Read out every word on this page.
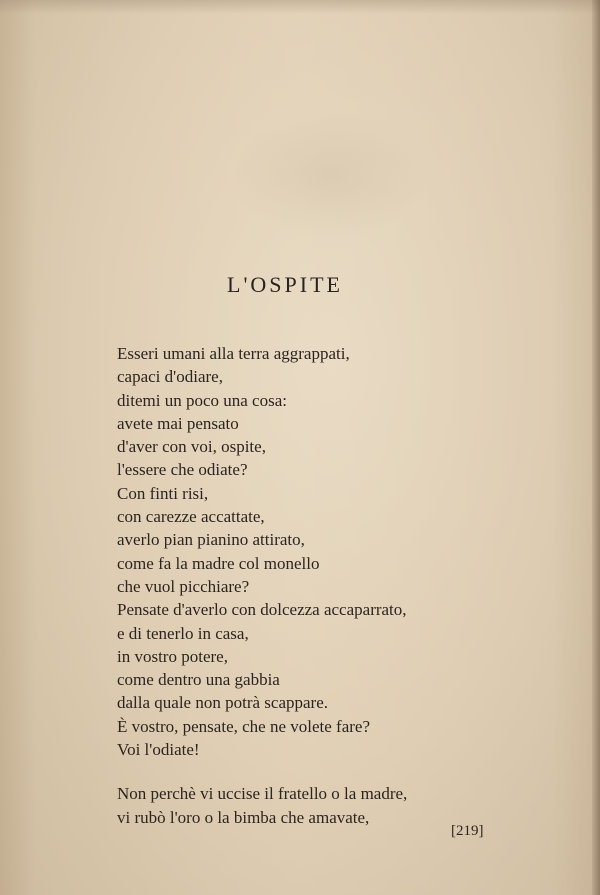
L'OSPITE
Esseri umani alla terra aggrappati,
capaci d'odiare,
ditemi un poco una cosa:
avete mai pensato
d'aver con voi, ospite,
l'essere che odiate?
Con finti risi,
con carezze accattate,
averlo pian pianino attirato,
come fa la madre col monello
che vuol picchiare?
Pensate d'averlo con dolcezza accaparrato,
e di tenerlo in casa,
in vostro potere,
come dentro una gabbia
dalla quale non potrà scappare.
È vostro, pensate, che ne volete fare?
Voi l'odiate!
Non perchè vi uccise il fratello o la madre,
vi rubò l'oro o la bimba che amavate,
[219]
